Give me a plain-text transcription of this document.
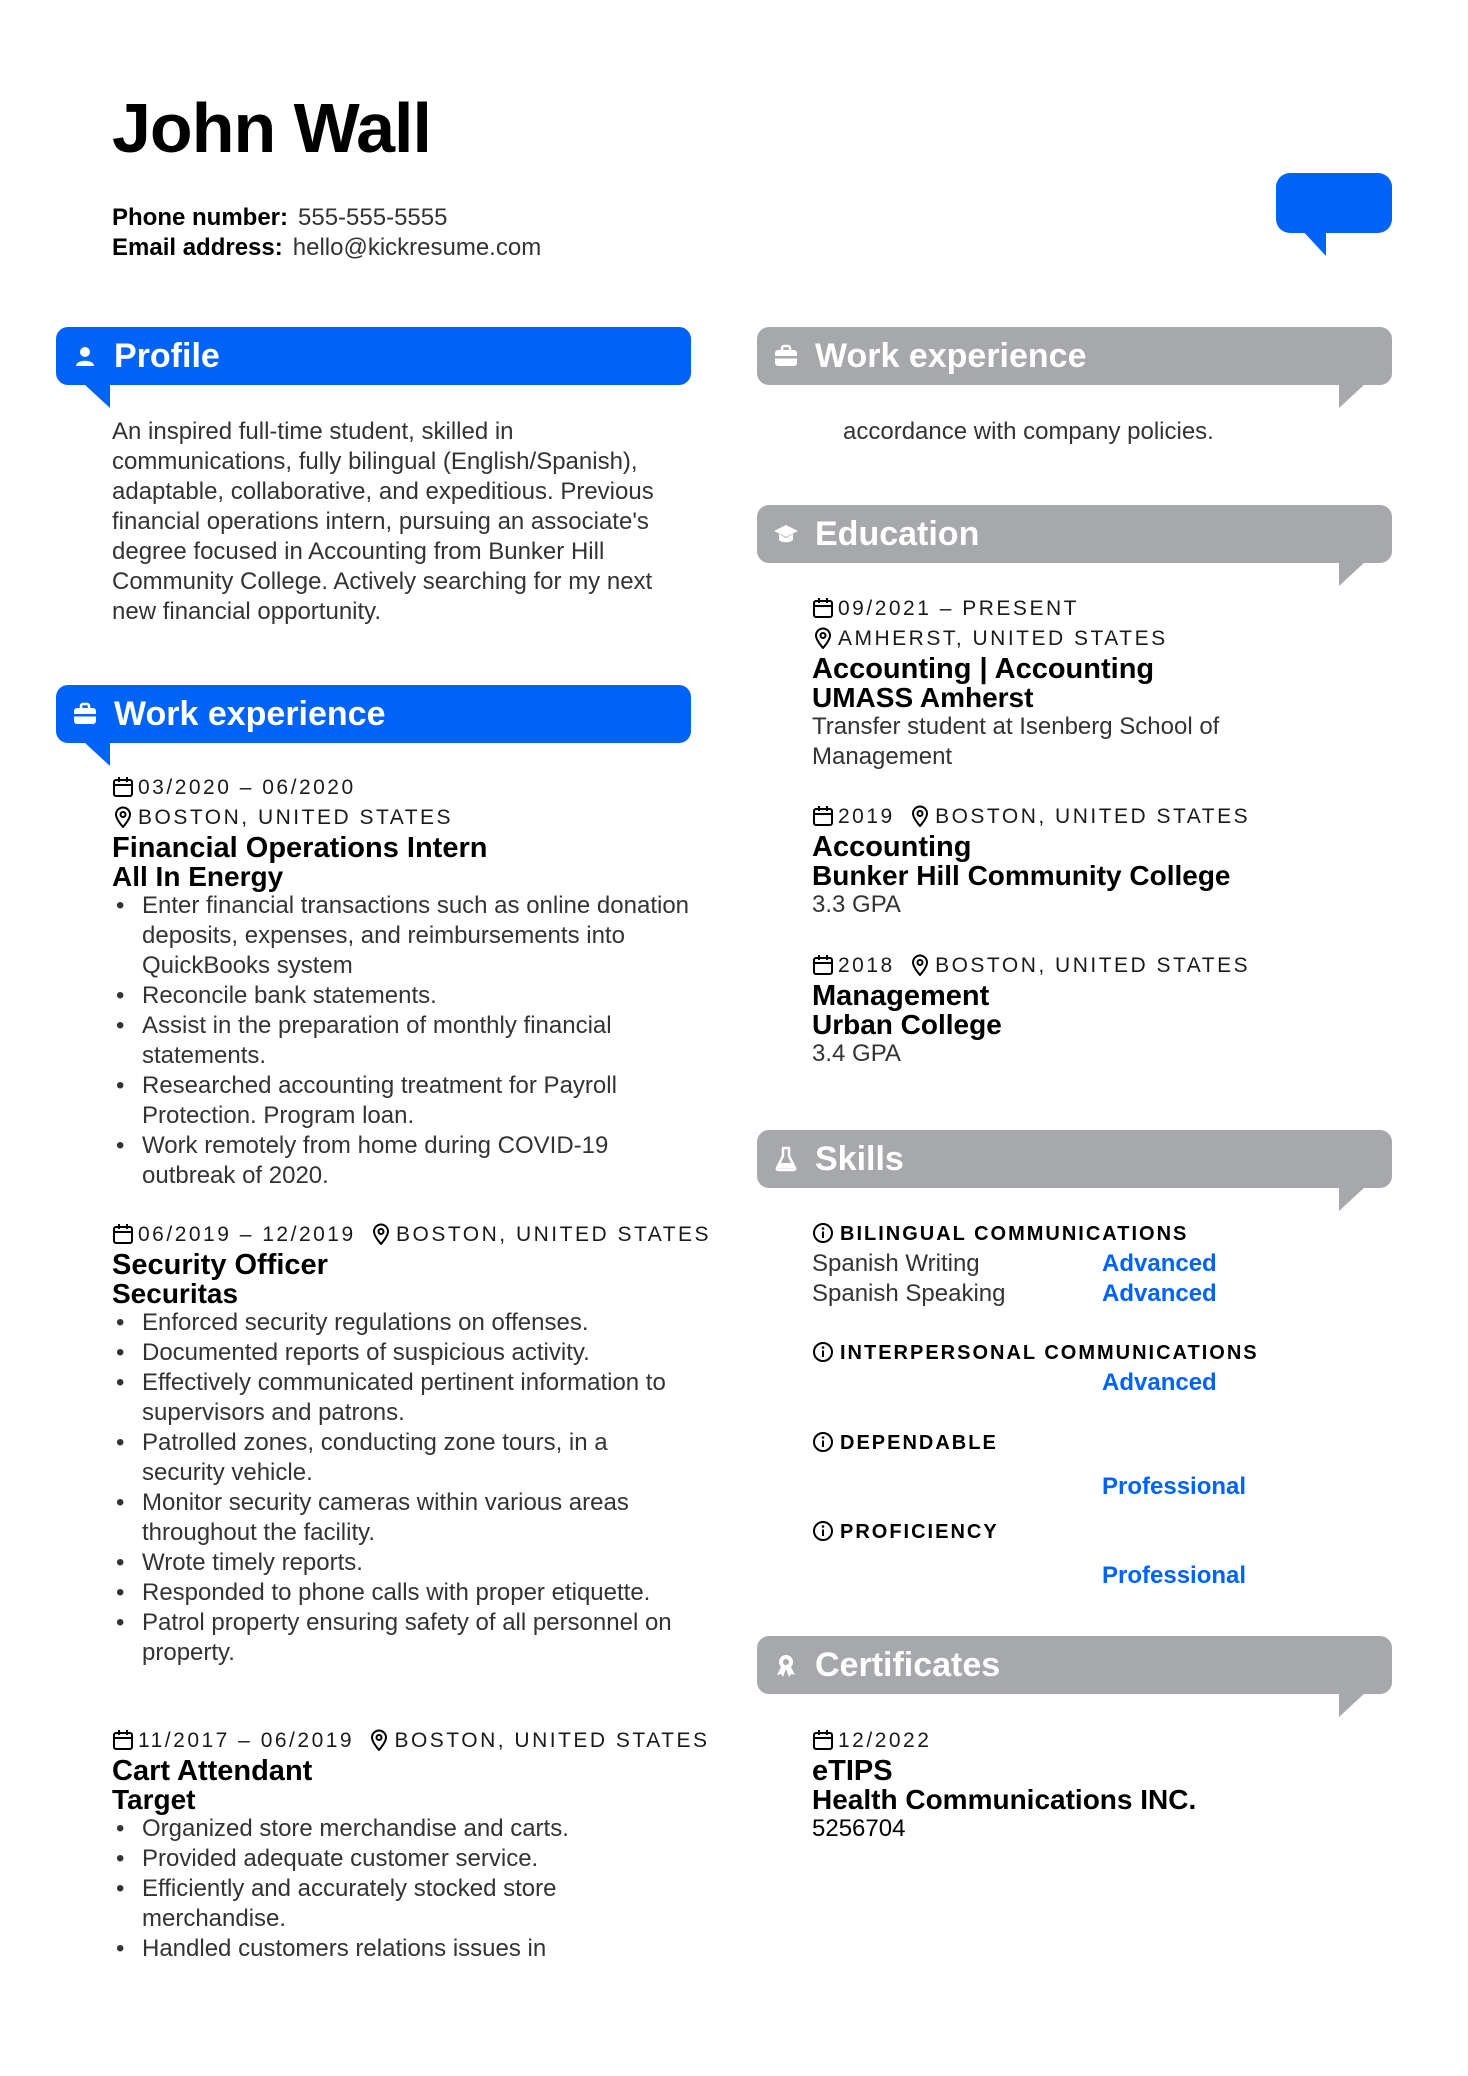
John Wall
Phone number: 555-555-5555
Email address: hello@kickresume.com
Profile
An inspired full-time student, skilled in communications, fully bilingual (English/Spanish), adaptable, collaborative, and expeditious. Previous financial operations intern, pursuing an associate's degree focused in Accounting from Bunker Hill Community College. Actively searching for my next new financial opportunity.
Work experience
03/2020 – 06/2020
BOSTON, UNITED STATES
Financial Operations Intern
All In Energy
• Enter financial transactions such as online donation deposits, expenses, and reimbursements into QuickBooks system
• Reconcile bank statements.
• Assist in the preparation of monthly financial statements.
• Researched accounting treatment for Payroll Protection. Program loan.
• Work remotely from home during COVID-19 outbreak of 2020.
06/2019 – 12/2019 BOSTON, UNITED STATES
Security Officer
Securitas
• Enforced security regulations on offenses.
• Documented reports of suspicious activity.
• Effectively communicated pertinent information to supervisors and patrons.
• Patrolled zones, conducting zone tours, in a security vehicle.
• Monitor security cameras within various areas throughout the facility.
• Wrote timely reports.
• Responded to phone calls with proper etiquette.
• Patrol property ensuring safety of all personnel on property.
11/2017 – 06/2019 BOSTON, UNITED STATES
Cart Attendant
Target
• Organized store merchandise and carts.
• Provided adequate customer service.
• Efficiently and accurately stocked store merchandise.
• Handled customers relations issues in
Work experience
accordance with company policies.
Education
09/2021 – PRESENT
AMHERST, UNITED STATES
Accounting | Accounting
UMASS Amherst
Transfer student at Isenberg School of Management
2019 BOSTON, UNITED STATES
Accounting
Bunker Hill Community College
3.3 GPA
2018 BOSTON, UNITED STATES
Management
Urban College
3.4 GPA
Skills
BILINGUAL COMMUNICATIONS
Spanish Writing	Advanced
Spanish Speaking	Advanced
INTERPERSONAL COMMUNICATIONS
Advanced
DEPENDABLE
Professional
PROFICIENCY
Professional
Certificates
12/2022
eTIPS
Health Communications INC.
5256704
